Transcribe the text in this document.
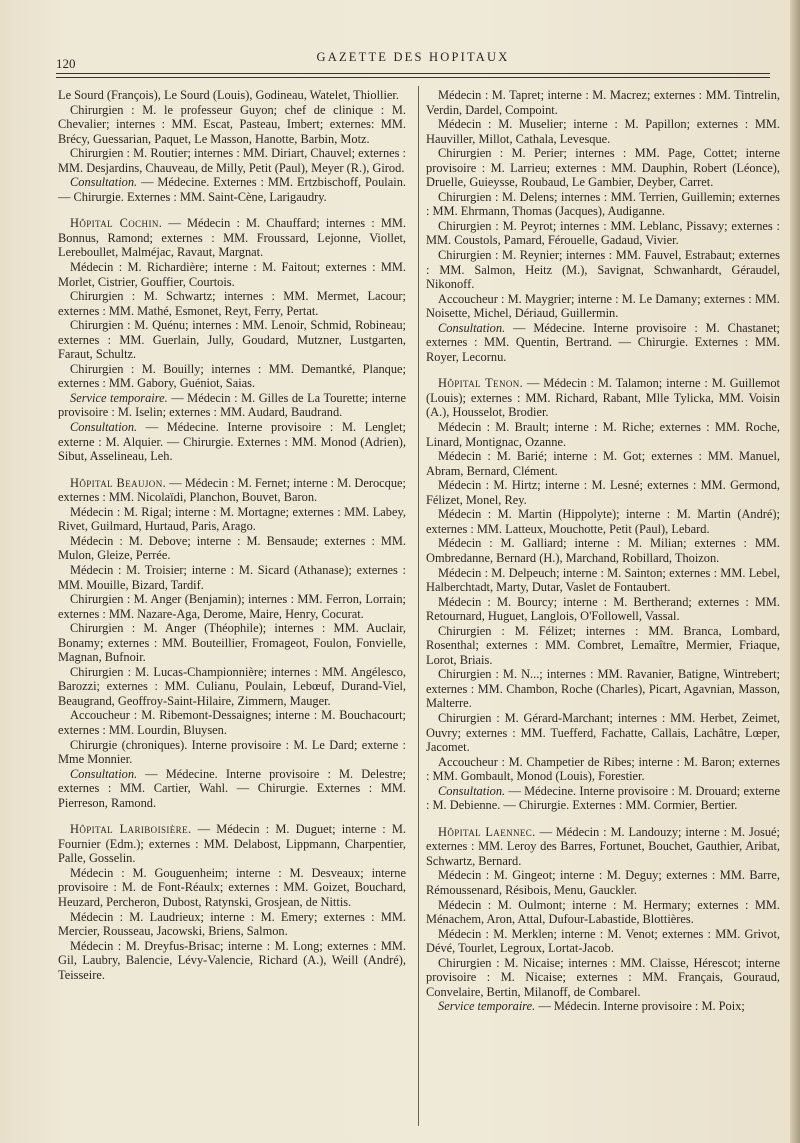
120	GAZETTE DES HOPITAUX

Le Sourd (François), Le Sourd (Louis), Godineau, Watelet, Thiollier.

Chirurgien : M. le professeur Guyon; chef de clinique : M. Chevalier; internes : MM. Escat, Pasteau, Imbert; externes: MM. Brécy, Guessarian, Paquet, Le Masson, Hanotte, Barbin, Motz.

Chirurgien : M. Routier; internes : MM. Diriart, Chauvel; externes : MM. Desjardins, Chauveau, de Milly, Petit (Paul), Meyer (R.), Girod.

Consultation. — Médecine. Externes : MM. Ertzbischoff, Poulain.— Chirurgie. Externes : MM. Saint-Cène, Larigaudry.

Hôpital Cochin. — Médecin : M. Chauffard; internes : MM. Bonnus, Ramond; externes : MM. Froussard, Lejonne, Viollet, Lereboullet, Malméjac, Ravaut, Margnat.

Médecin : M. Richardière; interne : M. Faitout; externes : MM. Morlet, Cistrier, Gouffier, Courtois.

Chirurgien : M. Schwartz; internes : MM. Mermet, Lacour; externes : MM. Mathé, Esmonet, Reyt, Ferry, Pertat.

Chirurgien : M. Quénu; internes : MM. Lenoir, Schmid, Robineau; externes : MM. Guerlain, Jully, Goudard, Mutzner, Lustgarten, Faraut, Schultz.

Chirurgien : M. Bouilly; internes : MM. Demantké, Planque; externes : MM. Gabory, Guéniot, Saias.

Service temporaire. — Médecin : M. Gilles de La Tourette; interne provisoire : M. Iselin; externes : MM. Audard, Baudrand.

Consultation. — Médecine. Interne provisoire : M. Lenglet; externe : M. Alquier. — Chirurgie. Externes : MM. Monod (Adrien), Sibut, Asselineau, Leh.

Hôpital Beaujon. — Médecin : M. Fernet; interne : M. Derocque; externes : MM. Nicolaïdi, Planchon, Bouvet, Baron.

Médecin : M. Rigal; interne : M. Mortagne; externes : MM. Labey, Rivet, Guilmard, Hurtaud, Paris, Arago.

Médecin : M. Debove; interne : M. Bensaude; externes : MM. Mulon, Gleize, Perrée.

Médecin : M. Troisier; interne : M. Sicard (Athanase); externes : MM. Mouille, Bizard, Tardif.

Chirurgien : M. Anger (Benjamin); internes : MM. Ferron, Lorrain; externes : MM. Nazare-Aga, Derome, Maire, Henry, Cocurat.

Chirurgien : M. Anger (Théophile); internes : MM. Auclair, Bonamy; externes : MM. Bouteillier, Fromageot, Foulon, Fonvielle, Magnan, Bufnoir.

Chirurgien : M. Lucas-Championnière; internes : MM. Angélesco, Barozzi; externes : MM. Culianu, Poulain, Lebœuf, Durand-Viel, Beaugrand, Geoffroy-Saint-Hilaire, Zimmern, Mauger.

Accoucheur : M. Ribemont-Dessaignes; interne : M. Bouchacourt; externes : MM. Lourdin, Bluysen.

Chirurgie (chroniques). Interne provisoire : M. Le Dard; externe : Mme Monnier.

Consultation. — Médecine. Interne provisoire : M. Delestre; externes : MM. Cartier, Wahl. — Chirurgie. Externes : MM. Pierreson, Ramond.

Hôpital Lariboisière. — Médecin : M. Duguet; interne : M. Fournier (Edm.); externes : MM. Delabost, Lippmann, Charpentier, Palle, Gosselin.

Médecin : M. Gouguenheim; interne : M. Desveaux; interne provisoire : M. de Font-Réaulx; externes : MM. Goizet, Bouchard, Heuzard, Percheron, Dubost, Ratynski, Grosjean, de Nittis.

Médecin : M. Laudrieux; interne : M. Emery; externes : MM. Mercier, Rousseau, Jacowski, Briens, Salmon.

Médecin : M. Dreyfus-Brisac; interne : M. Long; externes : MM. Gil, Laubry, Balencie, Lévy-Valencie, Richard (A.), Weill (André), Teisseire.

Médecin : M. Tapret; interne : M. Macrez; externes : MM. Tintrelin, Verdin, Dardel, Compoint.

Médecin : M. Muselier; interne : M. Papillon; externes : MM. Hauviller, Millot, Cathala, Levesque.

Chirurgien : M. Perier; internes : MM. Page, Cottet; interne provisoire : M. Larrieu; externes : MM. Dauphin, Robert (Léonce), Druelle, Guieysse, Roubaud, Le Gambier, Deyber, Carret.

Chirurgien : M. Delens; internes : MM. Terrien, Guillemin; externes : MM. Ehrmann, Thomas (Jacques), Audiganne.

Chirurgien : M. Peyrot; internes : MM. Leblanc, Pissavy; externes : MM. Coustols, Pamard, Férouelle, Gadaud, Vivier.

Chirurgien : M. Reynier; internes : MM. Fauvel, Estrabaut; externes : MM. Salmon, Heitz (M.), Savignat, Schwanhardt, Géraudel, Nikonoff.

Accoucheur : M. Maygrier; interne : M. Le Damany; externes : MM. Noisette, Michel, Dériaud, Guillermin.

Consultation. — Médecine. Interne provisoire : M. Chastanet; externes : MM. Quentin, Bertrand. — Chirurgie. Externes : MM. Royer, Lecornu.

Hôpital Tenon. — Médecin : M. Talamon; interne : M. Guillemot (Louis); externes : MM. Richard, Rabant, Mlle Tylicka, MM. Voisin (A.), Housselot, Brodier.

Médecin : M. Brault; interne : M. Riche; externes : MM. Roche, Linard, Montignac, Ozanne.

Médecin : M. Barié; interne : M. Got; externes : MM. Manuel, Abram, Bernard, Clément.

Médecin : M. Hirtz; interne : M. Lesné; externes : MM. Germond, Félizet, Monel, Rey.

Médecin : M. Martin (Hippolyte); interne : M. Martin (André); externes : MM. Latteux, Mouchotte, Petit (Paul), Lebard.

Médecin : M. Galliard; interne : M. Milian; externes : MM. Ombredanne, Bernard (H.), Marchand, Robillard, Thoizon.

Médecin : M. Delpeuch; interne : M. Sainton; externes : MM. Lebel, Halberchtadt, Marty, Dutar, Vaslet de Fontaubert.

Médecin : M. Bourcy; interne : M. Bertherand; externes : MM. Retournard, Huguet, Langlois, O'Followell, Vassal.

Chirurgien : M. Félizet; internes : MM. Branca, Lombard, Rosenthal; externes : MM. Combret, Lemaître, Mermier, Friaque, Lorot, Briais.

Chirurgien : M. N...; internes : MM. Ravanier, Batigne, Wintrebert; externes : MM. Chambon, Roche (Charles), Picart, Agavnian, Masson, Malterre.

Chirurgien : M. Gérard-Marchant; internes : MM. Herbet, Zeimet, Ouvry; externes : MM. Tuefferd, Fachatte, Callais, Lachâtre, Lœper, Jacomet.

Accoucheur : M. Champetier de Ribes; interne : M. Baron; externes : MM. Gombault, Monod (Louis), Forestier.

Consultation. — Médecine. Interne provisoire : M. Drouard; externe : M. Debienne. — Chirurgie. Externes : MM. Cormier, Bertier.

Hôpital Laennec. — Médecin : M. Landouzy; interne : M. Josué; externes : MM. Leroy des Barres, Fortunet, Bouchet, Gauthier, Aribat, Schwartz, Bernard.

Médecin : M. Gingeot; interne : M. Deguy; externes : MM. Barre, Rémoussenard, Résibois, Menu, Gauckler.

Médecin : M. Oulmont; interne : M. Hermary; externes : MM. Ménachem, Aron, Attal, Dufour-Labastide, Blottières.

Médecin : M. Merklen; interne : M. Venot; externes : MM. Grivot, Dévé, Tourlet, Legroux, Lortat-Jacob.

Chirurgien : M. Nicaise; internes : MM. Claisse, Hérescot; interne provisoire : M. Nicaise; externes : MM. Français, Gouraud, Convelaire, Bertin, Milanoff, de Combarel.

Service temporaire. — Médecin. Interne provisoire : M. Poix;
